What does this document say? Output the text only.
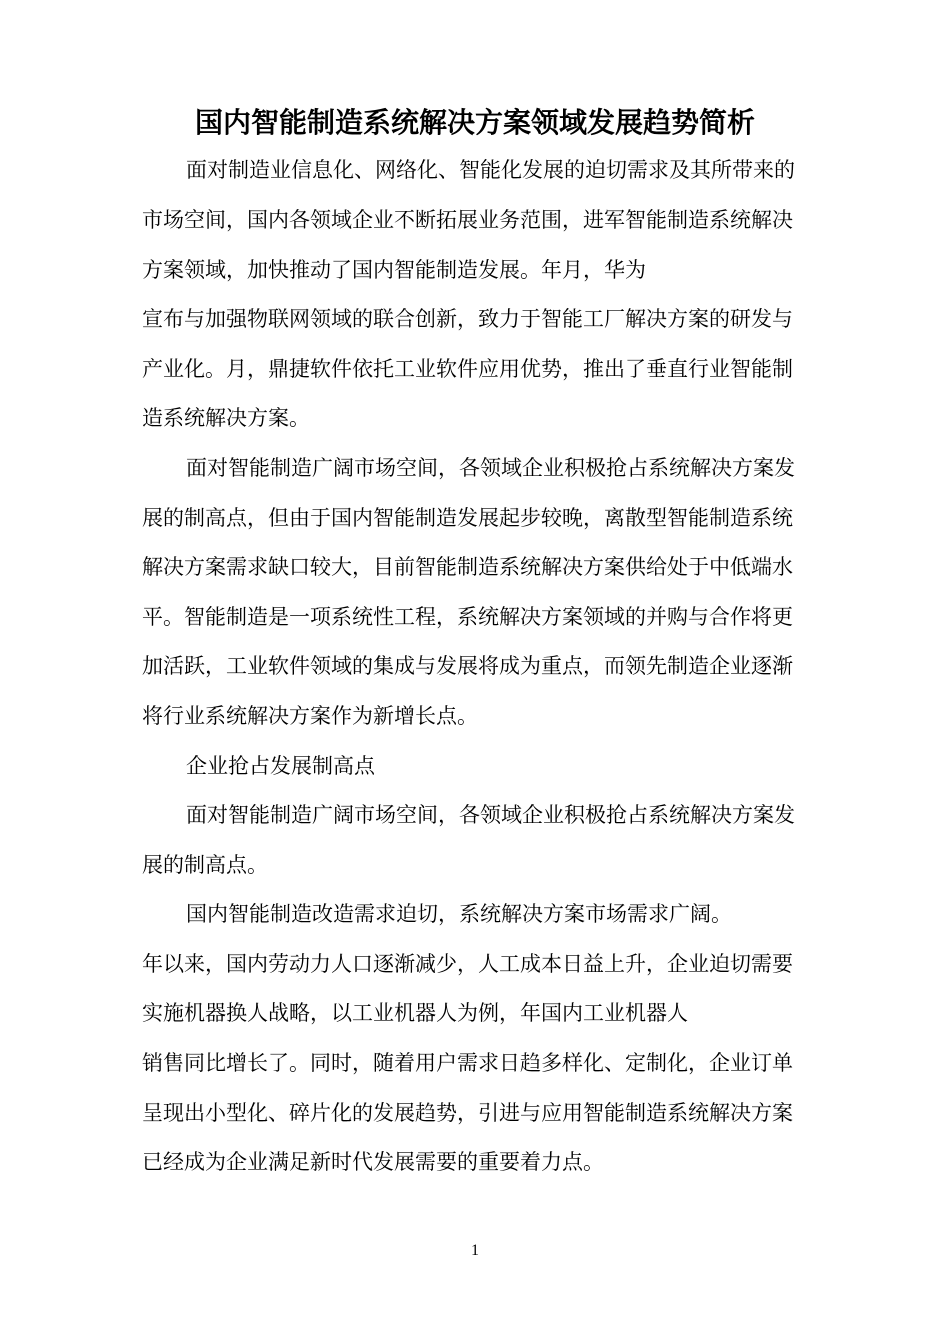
国内智能制造系统解决方案领域发展趋势简析
面对制造业信息化、网络化、智能化发展的迫切需求及其所带来的
市场空间，国内各领域企业不断拓展业务范围，进军智能制造系统解决
方案领域，加快推动了国内智能制造发展。年月，华为
宣布与加强物联网领域的联合创新，致力于智能工厂解决方案的研发与
产业化。月，鼎捷软件依托工业软件应用优势，推出了垂直行业智能制
造系统解决方案。
面对智能制造广阔市场空间，各领域企业积极抢占系统解决方案发
展的制高点，但由于国内智能制造发展起步较晚，离散型智能制造系统
解决方案需求缺口较大，目前智能制造系统解决方案供给处于中低端水
平。智能制造是一项系统性工程，系统解决方案领域的并购与合作将更
加活跃，工业软件领域的集成与发展将成为重点，而领先制造企业逐渐
将行业系统解决方案作为新增长点。
企业抢占发展制高点
面对智能制造广阔市场空间，各领域企业积极抢占系统解决方案发
展的制高点。
国内智能制造改造需求迫切，系统解决方案市场需求广阔。
年以来，国内劳动力人口逐渐减少，人工成本日益上升，企业迫切需要
实施机器换人战略，以工业机器人为例，年国内工业机器人
销售同比增长了。同时，随着用户需求日趋多样化、定制化，企业订单
呈现出小型化、碎片化的发展趋势，引进与应用智能制造系统解决方案
已经成为企业满足新时代发展需要的重要着力点。
1
